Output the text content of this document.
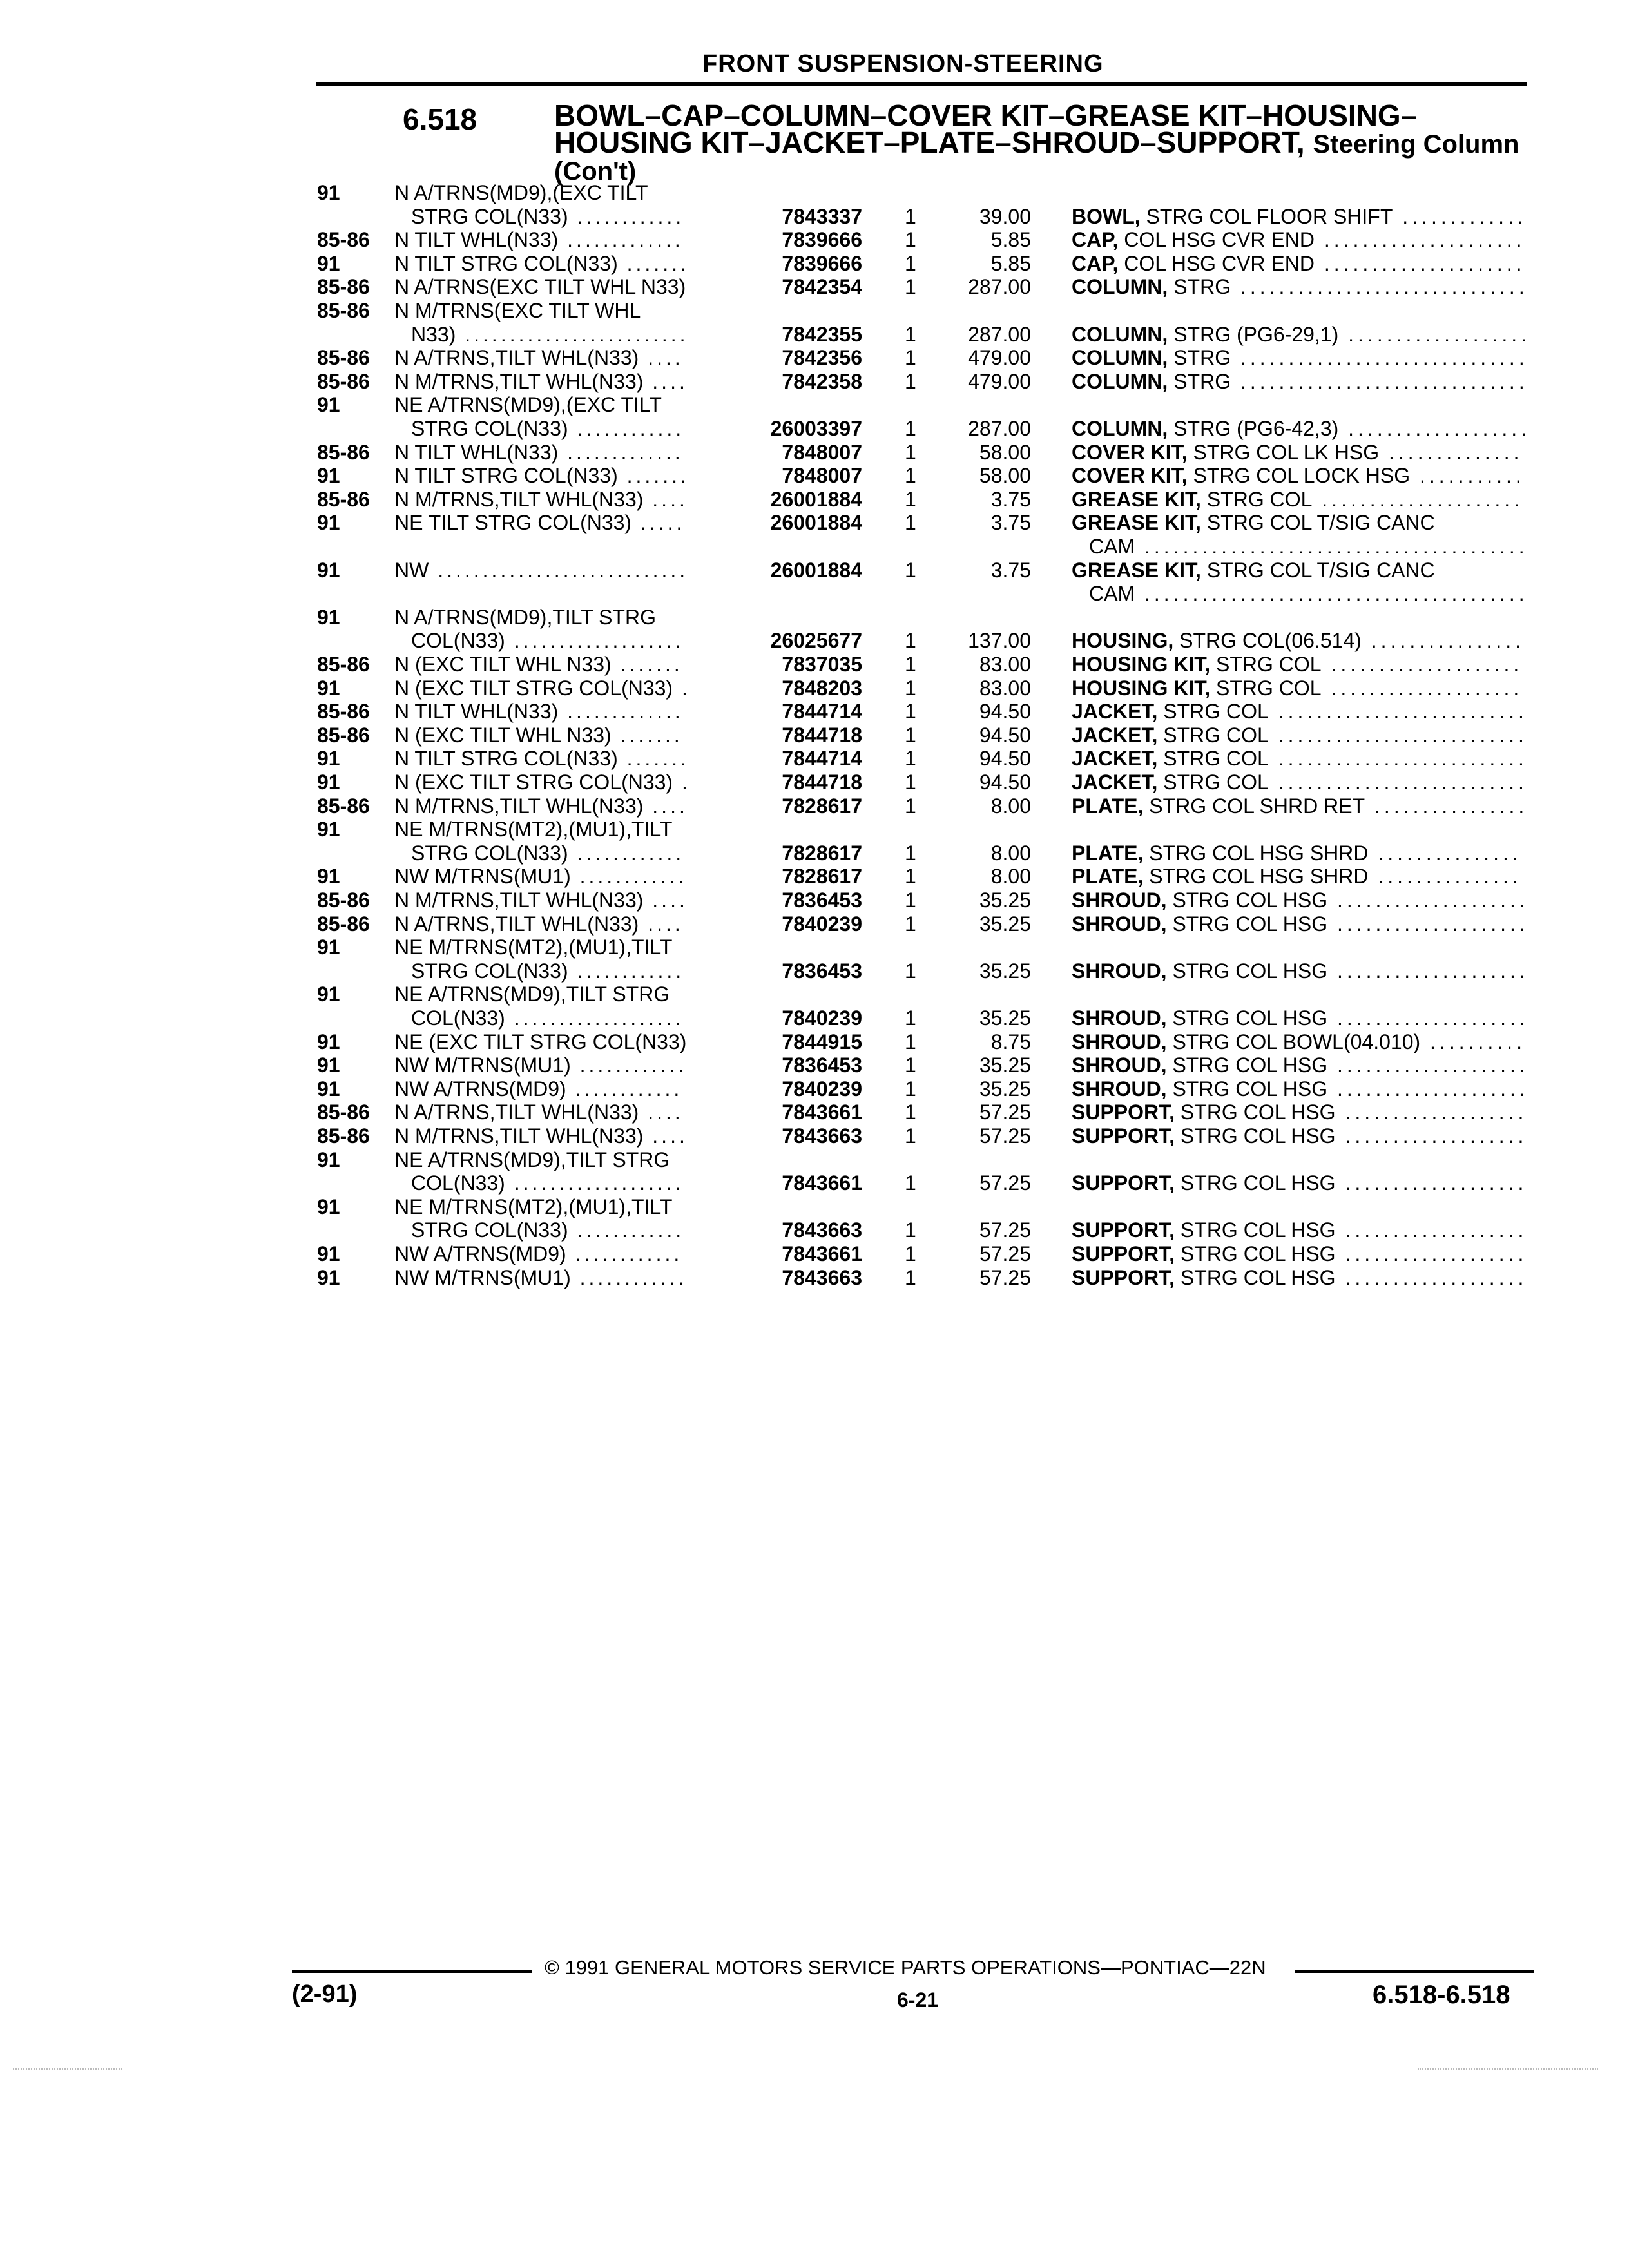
FRONT SUSPENSION-STEERING
6.518	BOWL–CAP–COLUMN–COVER KIT–GREASE KIT–HOUSING–
HOUSING KIT–JACKET–PLATE–SHROUD–SUPPORT, Steering Column
(Con't)
91	N A/TRNS(MD9),(EXC TILT
STRG COL(N33) ............	7843337 1	39.00 BOWL, STRG COL FLOOR SHIFT .............
85-86 N TILT WHL(N33) .............	7839666 1	5.85 CAP, COL HSG CVR END .....................
91	N TILT STRG COL(N33) .......	7839666 1	5.85 CAP, COL HSG CVR END .....................
85-86 N A/TRNS(EXC TILT WHL N33)	7842354 1	287.00 COLUMN, STRG ..............................
85-86 N M/TRNS(EXC TILT WHL
N33) .........................	7842355 1	287.00 COLUMN, STRG (PG6-29,1) ...................
85-86 N A/TRNS,TILT WHL(N33) ....	7842356 1	479.00 COLUMN, STRG ..............................
85-86 N M/TRNS,TILT WHL(N33) ....	7842358 1	479.00 COLUMN, STRG ..............................
91	NE A/TRNS(MD9),(EXC TILT
STRG COL(N33) ............	26003397 1	287.00 COLUMN, STRG (PG6-42,3) ...................
85-86 N TILT WHL(N33) .............	7848007 1	58.00 COVER KIT, STRG COL LK HSG ..............
91	N TILT STRG COL(N33) .......	7848007 1	58.00 COVER KIT, STRG COL LOCK HSG ...........
85-86 N M/TRNS,TILT WHL(N33) ....	26001884 1	3.75 GREASE KIT, STRG COL .....................
91	NE TILT STRG COL(N33) .....	26001884 1	3.75 GREASE KIT, STRG COL T/SIG CANC
CAM ........................................
91	NW ............................	26001884 1	3.75 GREASE KIT, STRG COL T/SIG CANC
CAM ........................................
91	N A/TRNS(MD9),TILT STRG
COL(N33) ...................	26025677 1	137.00 HOUSING, STRG COL(06.514) ................
85-86 N (EXC TILT WHL N33) .......	7837035 1	83.00 HOUSING KIT, STRG COL ....................
91	N (EXC TILT STRG COL(N33) .	7848203 1	83.00 HOUSING KIT, STRG COL ....................
85-86 N TILT WHL(N33) .............	7844714 1	94.50 JACKET, STRG COL ..........................
85-86 N (EXC TILT WHL N33) .......	7844718 1	94.50 JACKET, STRG COL ..........................
91	N TILT STRG COL(N33) .......	7844714 1	94.50 JACKET, STRG COL ..........................
91	N (EXC TILT STRG COL(N33) .	7844718 1	94.50 JACKET, STRG COL ..........................
85-86 N M/TRNS,TILT WHL(N33) ....	7828617 1	8.00 PLATE, STRG COL SHRD RET ................
91	NE M/TRNS(MT2),(MU1),TILT
STRG COL(N33) ............	7828617 1	8.00 PLATE, STRG COL HSG SHRD ...............
91	NW M/TRNS(MU1) ............	7828617 1	8.00 PLATE, STRG COL HSG SHRD ...............
85-86 N M/TRNS,TILT WHL(N33) ....	7836453 1	35.25 SHROUD, STRG COL HSG ....................
85-86 N A/TRNS,TILT WHL(N33) ....	7840239 1	35.25 SHROUD, STRG COL HSG ....................
91	NE M/TRNS(MT2),(MU1),TILT
STRG COL(N33) ............	7836453 1	35.25 SHROUD, STRG COL HSG ....................
91	NE A/TRNS(MD9),TILT STRG
COL(N33) ...................	7840239 1	35.25 SHROUD, STRG COL HSG ....................
91	NE (EXC TILT STRG COL(N33)	7844915 1	8.75 SHROUD, STRG COL BOWL(04.010) ..........
91	NW M/TRNS(MU1) ............	7836453 1	35.25 SHROUD, STRG COL HSG ....................
91	NW A/TRNS(MD9) ............	7840239 1	35.25 SHROUD, STRG COL HSG ....................
85-86 N A/TRNS,TILT WHL(N33) ....	7843661 1	57.25 SUPPORT, STRG COL HSG ...................
85-86 N M/TRNS,TILT WHL(N33) ....	7843663 1	57.25 SUPPORT, STRG COL HSG ...................
91	NE A/TRNS(MD9),TILT STRG
COL(N33) ...................	7843661 1	57.25 SUPPORT, STRG COL HSG ...................
91	NE M/TRNS(MT2),(MU1),TILT
STRG COL(N33) ............	7843663 1	57.25 SUPPORT, STRG COL HSG ...................
91	NW A/TRNS(MD9) ............	7843661 1	57.25 SUPPORT, STRG COL HSG ...................
91	NW M/TRNS(MU1) ............	7843663 1	57.25 SUPPORT, STRG COL HSG ...................
© 1991 GENERAL MOTORS SERVICE PARTS OPERATIONS—PONTIAC—22N
(2-91)	6-21	6.518-6.518
